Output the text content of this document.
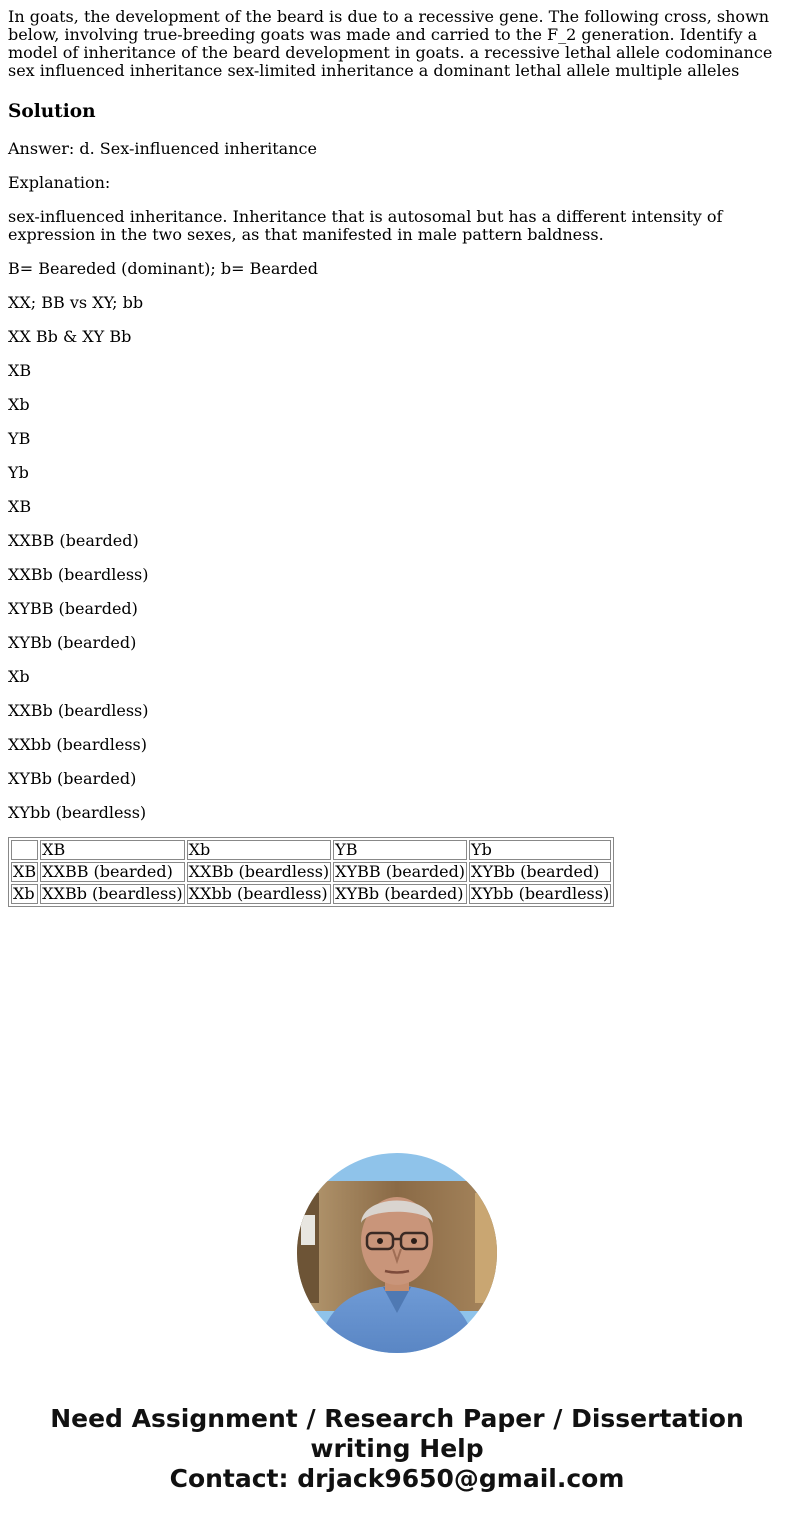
In goats, the development of the beard is due to a recessive gene. The following cross, shown below, involving true-breeding goats was made and carried to the F_2 generation. Identify a model of inheritance of the beard development in goats. a recessive lethal allele codominance sex influenced inheritance sex-limited inheritance a dominant lethal allele multiple alleles

Solution

Answer: d. Sex-influenced inheritance

Explanation:

sex-influenced inheritance. Inheritance that is autosomal but has a different intensity of expression in the two sexes, as that manifested in male pattern baldness.

B= Beareded (dominant); b= Bearded

XX; BB vs XY; bb

XX Bb & XY Bb

XB

Xb

YB

Yb

XB

XXBB (bearded)

XXBb (beardless)

XYBB (bearded)

XYBb (bearded)

Xb

XXBb (beardless)

XXbb (beardless)

XYBb (bearded)

XYbb (beardless)

	XB	Xb	YB	Yb
XB	XXBB (bearded)	XXBb (beardless)	XYBB (bearded)	XYBb (bearded)
Xb	XXBb (beardless)	XXbb (beardless)	XYBb (bearded)	XYbb (beardless)
Need Assignment / Research Paper / Dissertation
writing Help
Contact: drjack9650@gmail.com
